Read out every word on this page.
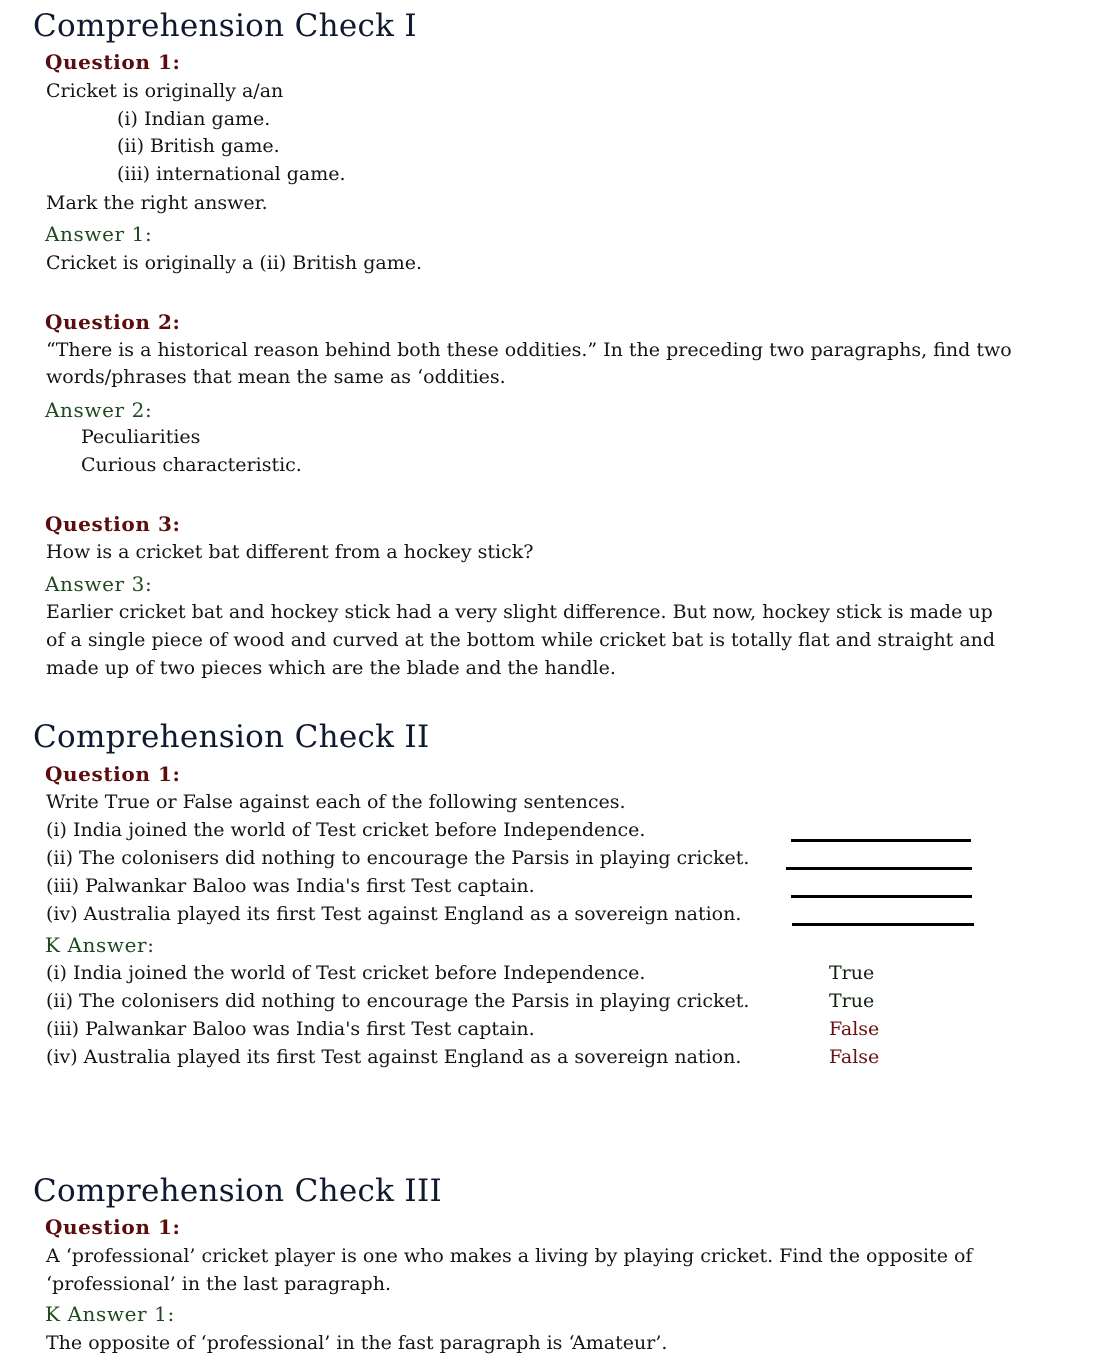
Comprehension Check I
Question 1:
Cricket is originally a/an
(i) Indian game.
(ii) British game.
(iii) international game.
Mark the right answer.
Answer 1:
Cricket is originally a (ii) British game.
Question 2:
“There is a historical reason behind both these oddities.” In the preceding two paragraphs, find two
words/phrases that mean the same as ‘oddities.
Answer 2:
Peculiarities
Curious characteristic.
Question 3:
How is a cricket bat different from a hockey stick?
Answer 3:
Earlier cricket bat and hockey stick had a very slight difference. But now, hockey stick is made up
of a single piece of wood and curved at the bottom while cricket bat is totally flat and straight and
made up of two pieces which are the blade and the handle.
Comprehension Check II
Question 1:
Write True or False against each of the following sentences.
(i) India joined the world of Test cricket before Independence.
(ii) The colonisers did nothing to encourage the Parsis in playing cricket.
(iii) Palwankar Baloo was India's first Test captain.
(iv) Australia played its first Test against England as a sovereign nation.
K Answer:
(i) India joined the world of Test cricket before Independence.
(ii) The colonisers did nothing to encourage the Parsis in playing cricket.
(iii) Palwankar Baloo was India's first Test captain.
(iv) Australia played its first Test against England as a sovereign nation.
True
True
False
False
Comprehension Check III
Question 1:
A ‘professional’ cricket player is one who makes a living by playing cricket. Find the opposite of
‘professional’ in the last paragraph.
K Answer 1:
The opposite of ‘professional’ in the fast paragraph is ‘Amateur’.
